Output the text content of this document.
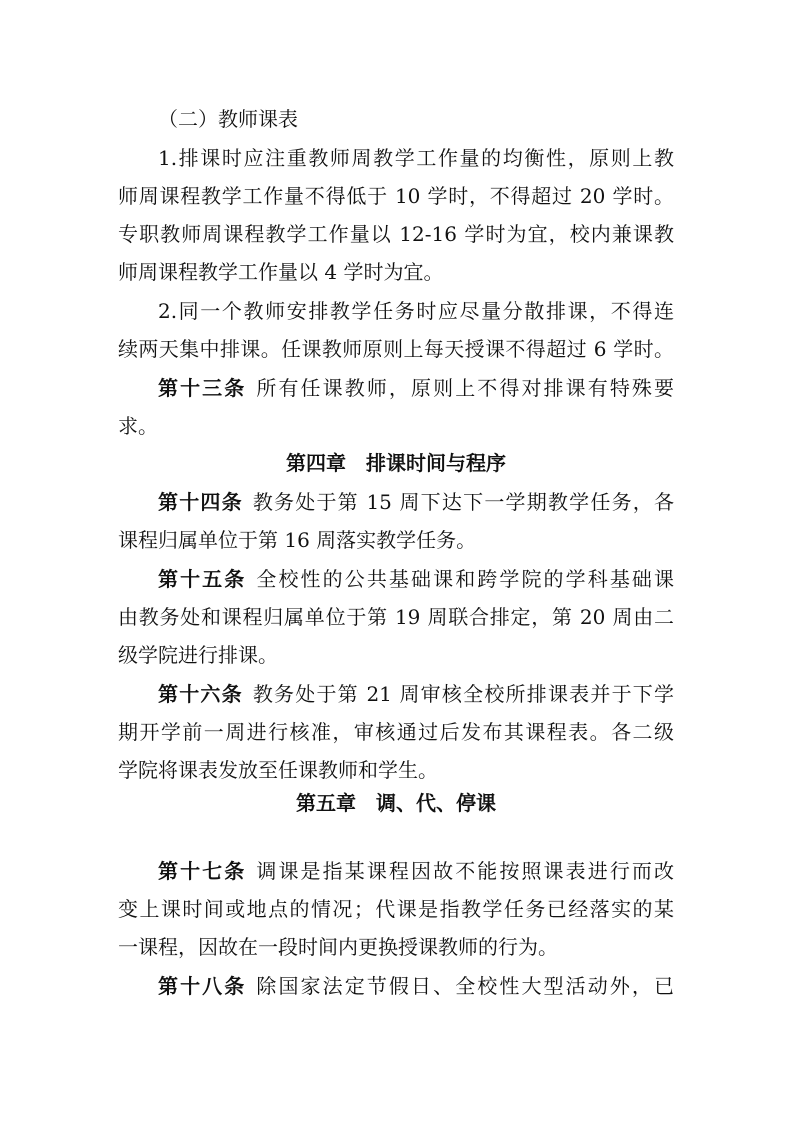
（二）教师课表
1.排课时应注重教师周教学工作量的均衡性，原则上教
师周课程教学工作量不得低于 10 学时，不得超过 20 学时。
专职教师周课程教学工作量以 12-16 学时为宜，校内兼课教
师周课程教学工作量以 4 学时为宜。
2.同一个教师安排教学任务时应尽量分散排课，不得连
续两天集中排课。任课教师原则上每天授课不得超过 6 学时。
第十三条 所有任课教师，原则上不得对排课有特殊要
求。
第四章　排课时间与程序
第十四条 教务处于第 15 周下达下一学期教学任务，各
课程归属单位于第 16 周落实教学任务。
第十五条 全校性的公共基础课和跨学院的学科基础课
由教务处和课程归属单位于第 19 周联合排定，第 20 周由二
级学院进行排课。
第十六条 教务处于第 21 周审核全校所排课表并于下学
期开学前一周进行核准，审核通过后发布其课程表。各二级
学院将课表发放至任课教师和学生。
第五章　调、代、停课
第十七条 调课是指某课程因故不能按照课表进行而改
变上课时间或地点的情况；代课是指教学任务已经落实的某
一课程，因故在一段时间内更换授课教师的行为。
第十八条 除国家法定节假日、全校性大型活动外，已
